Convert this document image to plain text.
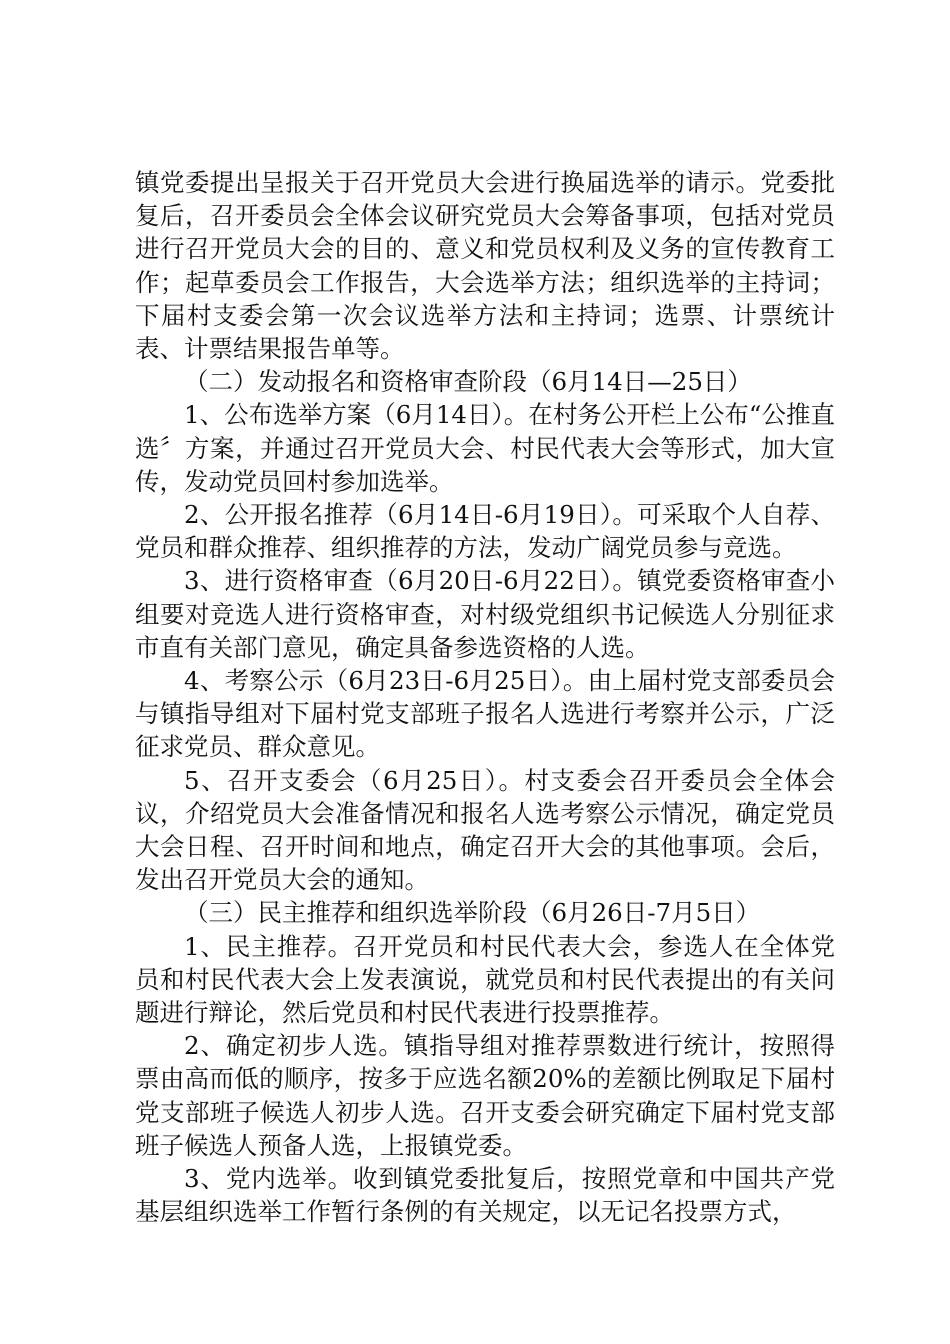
镇党委提出呈报关于召开党员大会进行换届选举的请示。党委批复后，召开委员会全体会议研究党员大会筹备事项，包括对党员进行召开党员大会的目的、意义和党员权利及义务的宣传教育工作；起草委员会工作报告，大会选举方法；组织选举的主持词；下届村支委会第一次会议选举方法和主持词；选票、计票统计表、计票结果报告单等。

（二）发动报名和资格审查阶段（6月14日—25日）

1、公布选举方案（6月14日）。在村务公开栏上公布“公推直选〞方案，并通过召开党员大会、村民代表大会等形式，加大宣传，发动党员回村参加选举。

2、公开报名推荐（6月14日-6月19日）。可采取个人自荐、党员和群众推荐、组织推荐的方法，发动广阔党员参与竞选。

3、进行资格审查（6月20日-6月22日）。镇党委资格审查小组要对竞选人进行资格审查，对村级党组织书记候选人分别征求市直有关部门意见，确定具备参选资格的人选。

4、考察公示（6月23日-6月25日）。由上届村党支部委员会与镇指导组对下届村党支部班子报名人选进行考察并公示，广泛征求党员、群众意见。

5、召开支委会（6月25日）。村支委会召开委员会全体会议，介绍党员大会准备情况和报名人选考察公示情况，确定党员大会日程、召开时间和地点，确定召开大会的其他事项。会后，发出召开党员大会的通知。

（三）民主推荐和组织选举阶段（6月26日-7月5日）

1、民主推荐。召开党员和村民代表大会，参选人在全体党员和村民代表大会上发表演说，就党员和村民代表提出的有关问题进行辩论，然后党员和村民代表进行投票推荐。

2、确定初步人选。镇指导组对推荐票数进行统计，按照得票由高而低的顺序，按多于应选名额20%的差额比例取足下届村党支部班子候选人初步人选。召开支委会研究确定下届村党支部班子候选人预备人选，上报镇党委。

3、党内选举。收到镇党委批复后，按照党章和中国共产党基层组织选举工作暂行条例的有关规定，以无记名投票方式，
